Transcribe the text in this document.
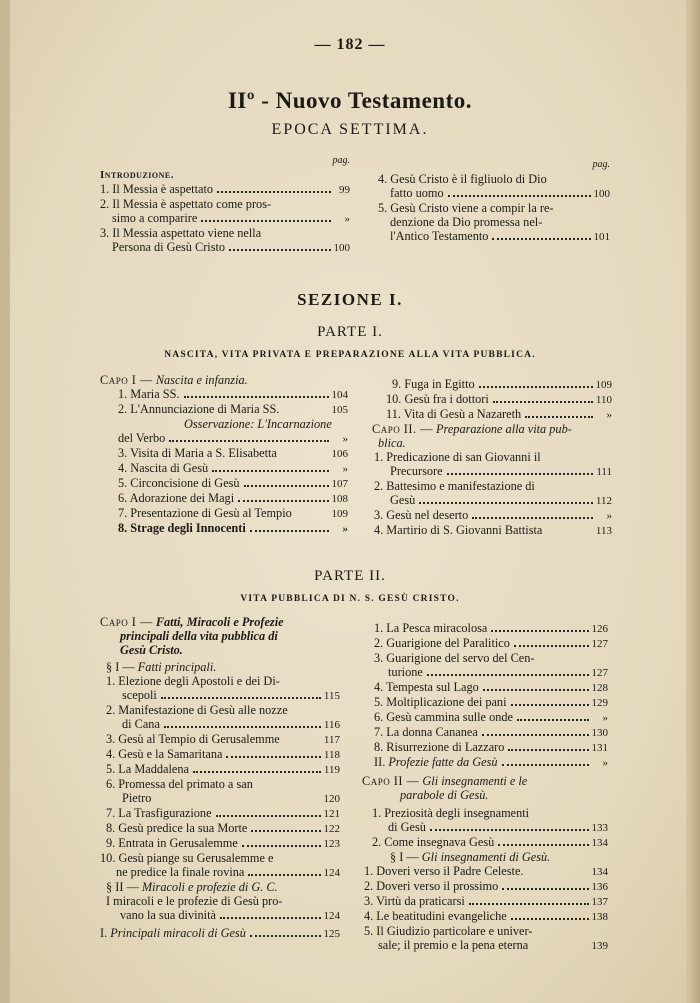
— 182 —
IIº - Nuovo Testamento.
EPOCA SETTIMA.
pag.
Introduzione.
1. Il Messia è aspettato	99
2. Il Messia è aspettato come pros-
simo a comparire	»
3. Il Messia aspettato viene nella
Persona di Gesù Cristo	100
pag.
4. Gesù Cristo è il figliuolo di Dio
fatto uomo	100
5. Gesù Cristo viene a compir la re-
denzione da Dio promessa nel-
l'Antico Testamento	101
SEZIONE I.
PARTE I.
NASCITA, VITA PRIVATA E PREPARAZIONE ALLA VITA PUBBLICA.
Capo I —
Nascita e infanzia.
1. Maria SS.	104
2. L'Annunciazione di Maria SS.	105
Osservazione: L'Incarnazione
del Verbo	»
3. Visita di Maria a S. Elisabetta	106
4. Nascita di Gesù	»
5. Circoncisione di Gesù	107
6. Adorazione dei Magi	108
7. Presentazione di Gesù al Tempio	109
8. Strage degli Innocenti	»
9. Fuga in Egitto	109
10. Gesù fra i dottori	110
11. Vita di Gesù a Nazareth	»
Capo II. —
Preparazione alla vita pub-
blica.
1. Predicazione di san Giovanni il
Precursore	111
2. Battesimo e manifestazione di
Gesù	112
3. Gesù nel deserto	»
4. Martirio di S. Giovanni Battista	113
PARTE II.
VITA PUBBLICA DI N. S. GESÙ CRISTO.
Capo I —
Fatti, Miracoli e Profezie
principali della vita pubblica di
Gesù Cristo.
§ I —
Fatti principali.
1. Elezione degli Apostoli e dei Di-
scepoli	115
2. Manifestazione di Gesù alle nozze
di Cana	116
3. Gesù al Tempio di Gerusalemme	117
4. Gesù e la Samaritana	118
5. La Maddalena	119
6. Promessa del primato a san
Pietro	120
7. La Trasfigurazione	121
8. Gesù predice la sua Morte	122
9. Entrata in Gerusalemme	123
10. Gesù piange su Gerusalemme e
ne predice la finale rovina	124
§ II —
Miracoli e profezie di G. C.
I miracoli e le profezie di Gesù pro-
vano la sua divinità	124
I.
Principali miracoli di Gesù	125
1. La Pesca miracolosa	126
2. Guarigione del Paralitico	127
3. Guarigione del servo del Cen-
turione	127
4. Tempesta sul Lago	128
5. Moltiplicazione dei pani	129
6. Gesù cammina sulle onde	»
7. La donna Cananea	130
8. Risurrezione di Lazzaro	131
II.
Profezie fatte da Gesù	»
Capo II —
Gli insegnamenti e le
parabole di Gesù.
1. Preziosità degli insegnamenti
di Gesù	133
2. Come insegnava Gesù	134
§ I —
Gli insegnamenti di Gesù.
1. Doveri verso il Padre Celeste.	134
2. Doveri verso il prossimo	136
3. Virtù da praticarsi	137
4. Le beatitudini evangeliche	138
5. Il Giudizio particolare e univer-
sale; il premio e la pena eterna	139
